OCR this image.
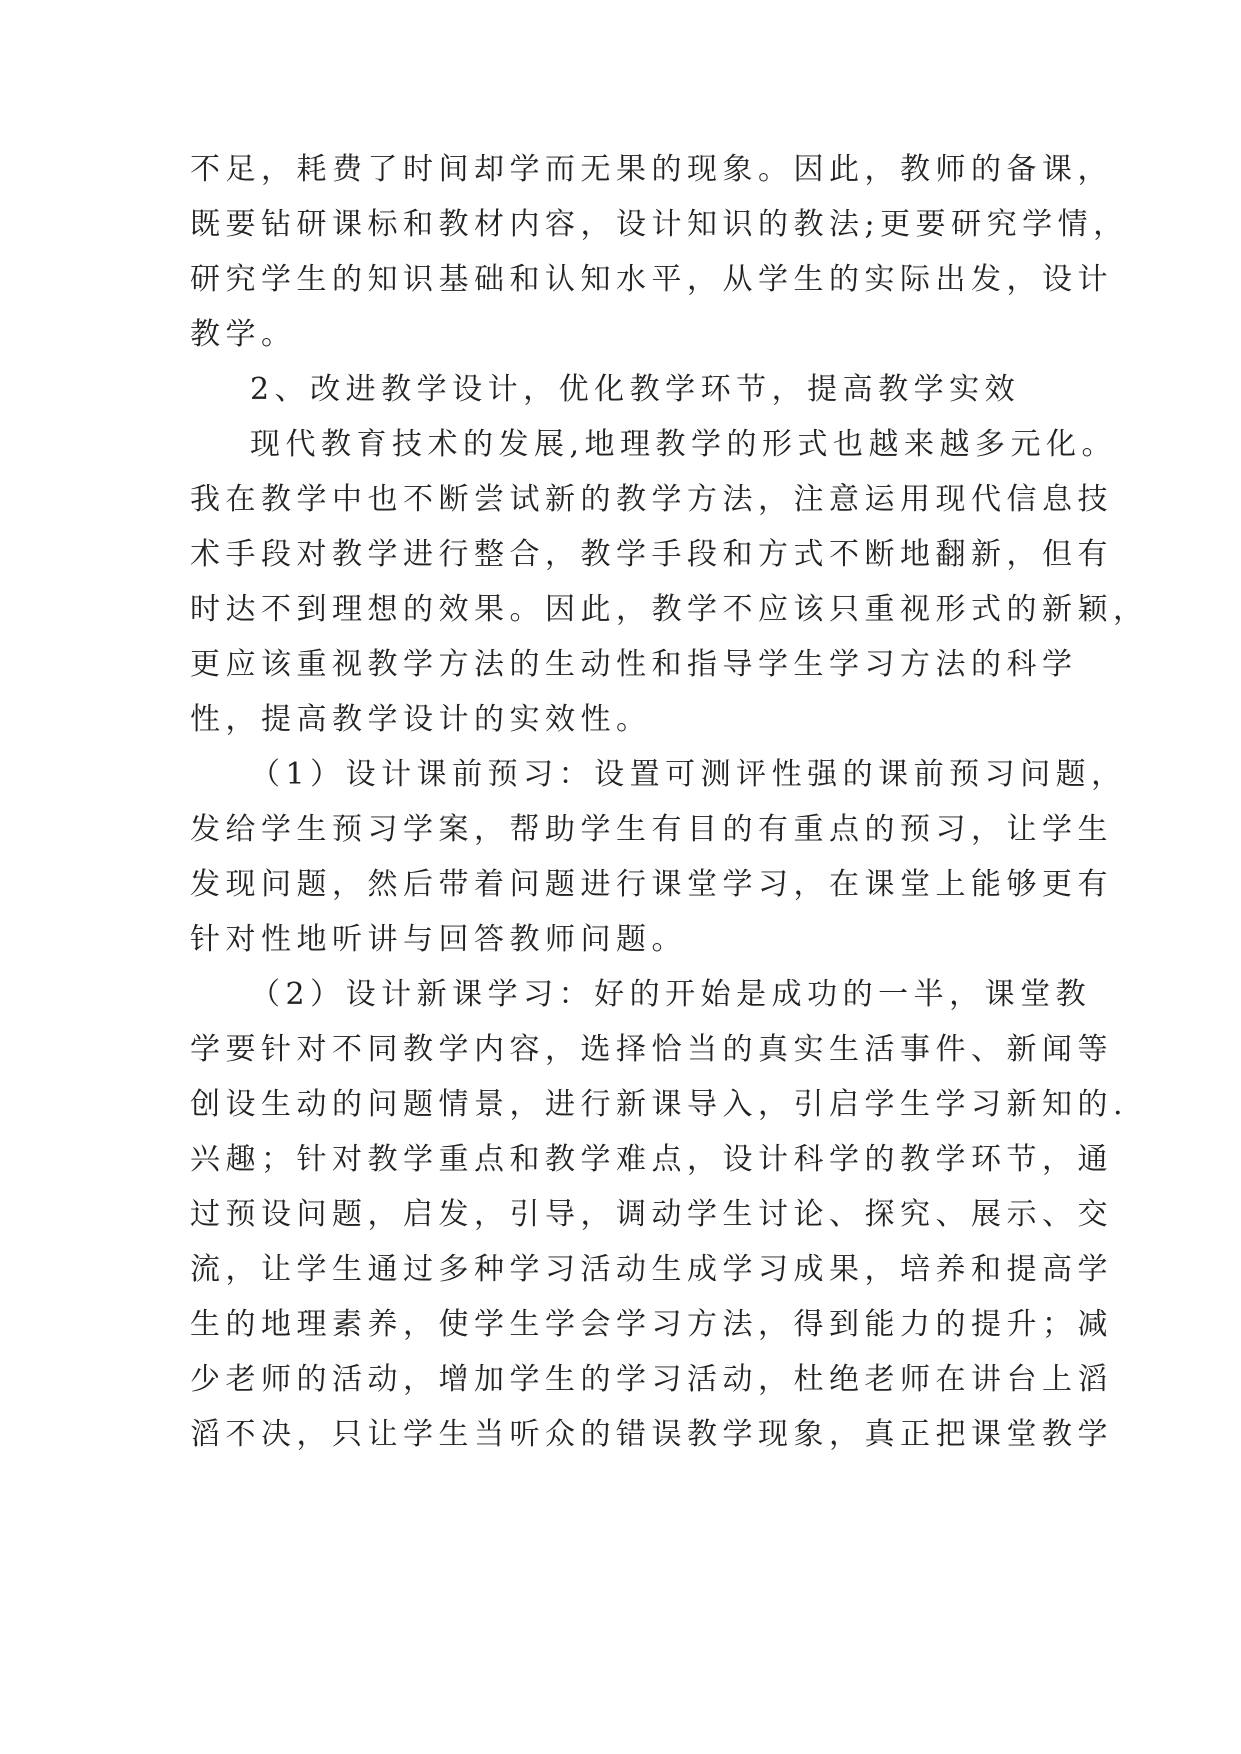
不足，耗费了时间却学而无果的现象。因此，教师的备课，
既要钻研课标和教材内容，设计知识的教法;更要研究学情，
研究学生的知识基础和认知水平，从学生的实际出发，设计
教学。
2、改进教学设计，优化教学环节，提高教学实效
现代教育技术的发展,地理教学的形式也越来越多元化。
我在教学中也不断尝试新的教学方法，注意运用现代信息技
术手段对教学进行整合，教学手段和方式不断地翻新，但有
时达不到理想的效果。因此，教学不应该只重视形式的新颖，
更应该重视教学方法的生动性和指导学生学习方法的科学
性，提高教学设计的实效性。
（1）设计课前预习：设置可测评性强的课前预习问题，
发给学生预习学案，帮助学生有目的有重点的预习，让学生
发现问题，然后带着问题进行课堂学习，在课堂上能够更有
针对性地听讲与回答教师问题。
（2）设计新课学习：好的开始是成功的一半，课堂教
学要针对不同教学内容，选择恰当的真实生活事件、新闻等
创设生动的问题情景，进行新课导入，引启学生学习新知的.
兴趣；针对教学重点和教学难点，设计科学的教学环节，通
过预设问题，启发，引导，调动学生讨论、探究、展示、交
流，让学生通过多种学习活动生成学习成果，培养和提高学
生的地理素养，使学生学会学习方法，得到能力的提升；减
少老师的活动，增加学生的学习活动，杜绝老师在讲台上滔
滔不决，只让学生当听众的错误教学现象，真正把课堂教学
